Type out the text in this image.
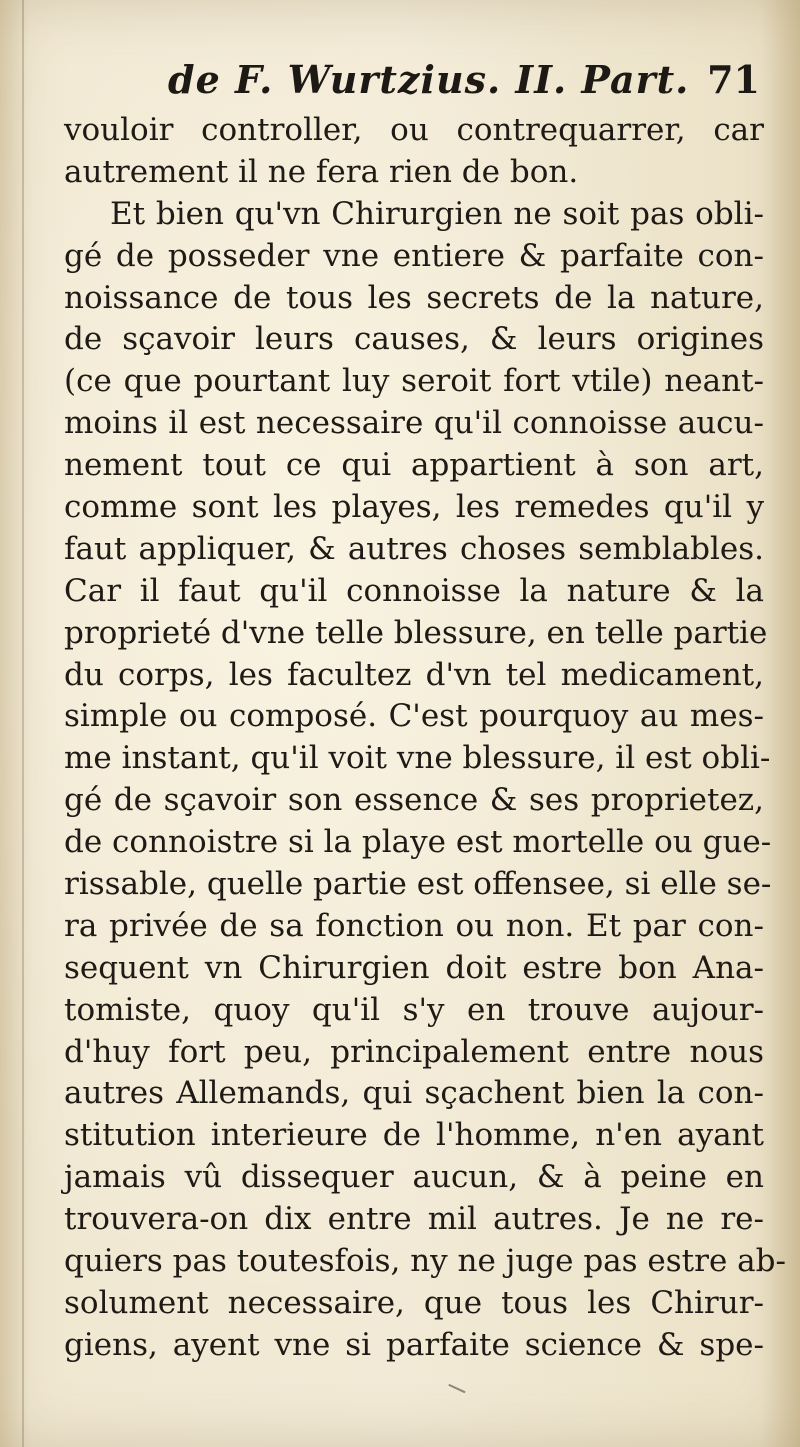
de F. Wurtzius. II. Part. 71
vouloir controller, ou contrequarrer, car
autrement il ne fera rien de bon.
Et bien qu'vn Chirurgien ne soit pas obli-
gé de posseder vne entiere & parfaite con-
noissance de tous les secrets de la nature,
de sçavoir leurs causes, & leurs origines
(ce que pourtant luy seroit fort vtile) neant-
moins il est necessaire qu'il connoisse aucu-
nement tout ce qui appartient à son art,
comme sont les playes, les remedes qu'il y
faut appliquer, & autres choses semblables.
Car il faut qu'il connoisse la nature & la
proprieté d'vne telle blessure, en telle partie
du corps, les facultez d'vn tel medicament,
simple ou composé. C'est pourquoy au mes-
me instant, qu'il voit vne blessure, il est obli-
gé de sçavoir son essence & ses proprietez,
de connoistre si la playe est mortelle ou gue-
rissable, quelle partie est offensee, si elle se-
ra privée de sa fonction ou non. Et par con-
sequent vn Chirurgien doit estre bon Ana-
tomiste, quoy qu'il s'y en trouve aujour-
d'huy fort peu, principalement entre nous
autres Allemands, qui sçachent bien la con-
stitution interieure de l'homme, n'en ayant
jamais vû dissequer aucun, & à peine en
trouvera-on dix entre mil autres. Je ne re-
quiers pas toutesfois, ny ne juge pas estre ab-
solument necessaire, que tous les Chirur-
giens, ayent vne si parfaite science & spe-
